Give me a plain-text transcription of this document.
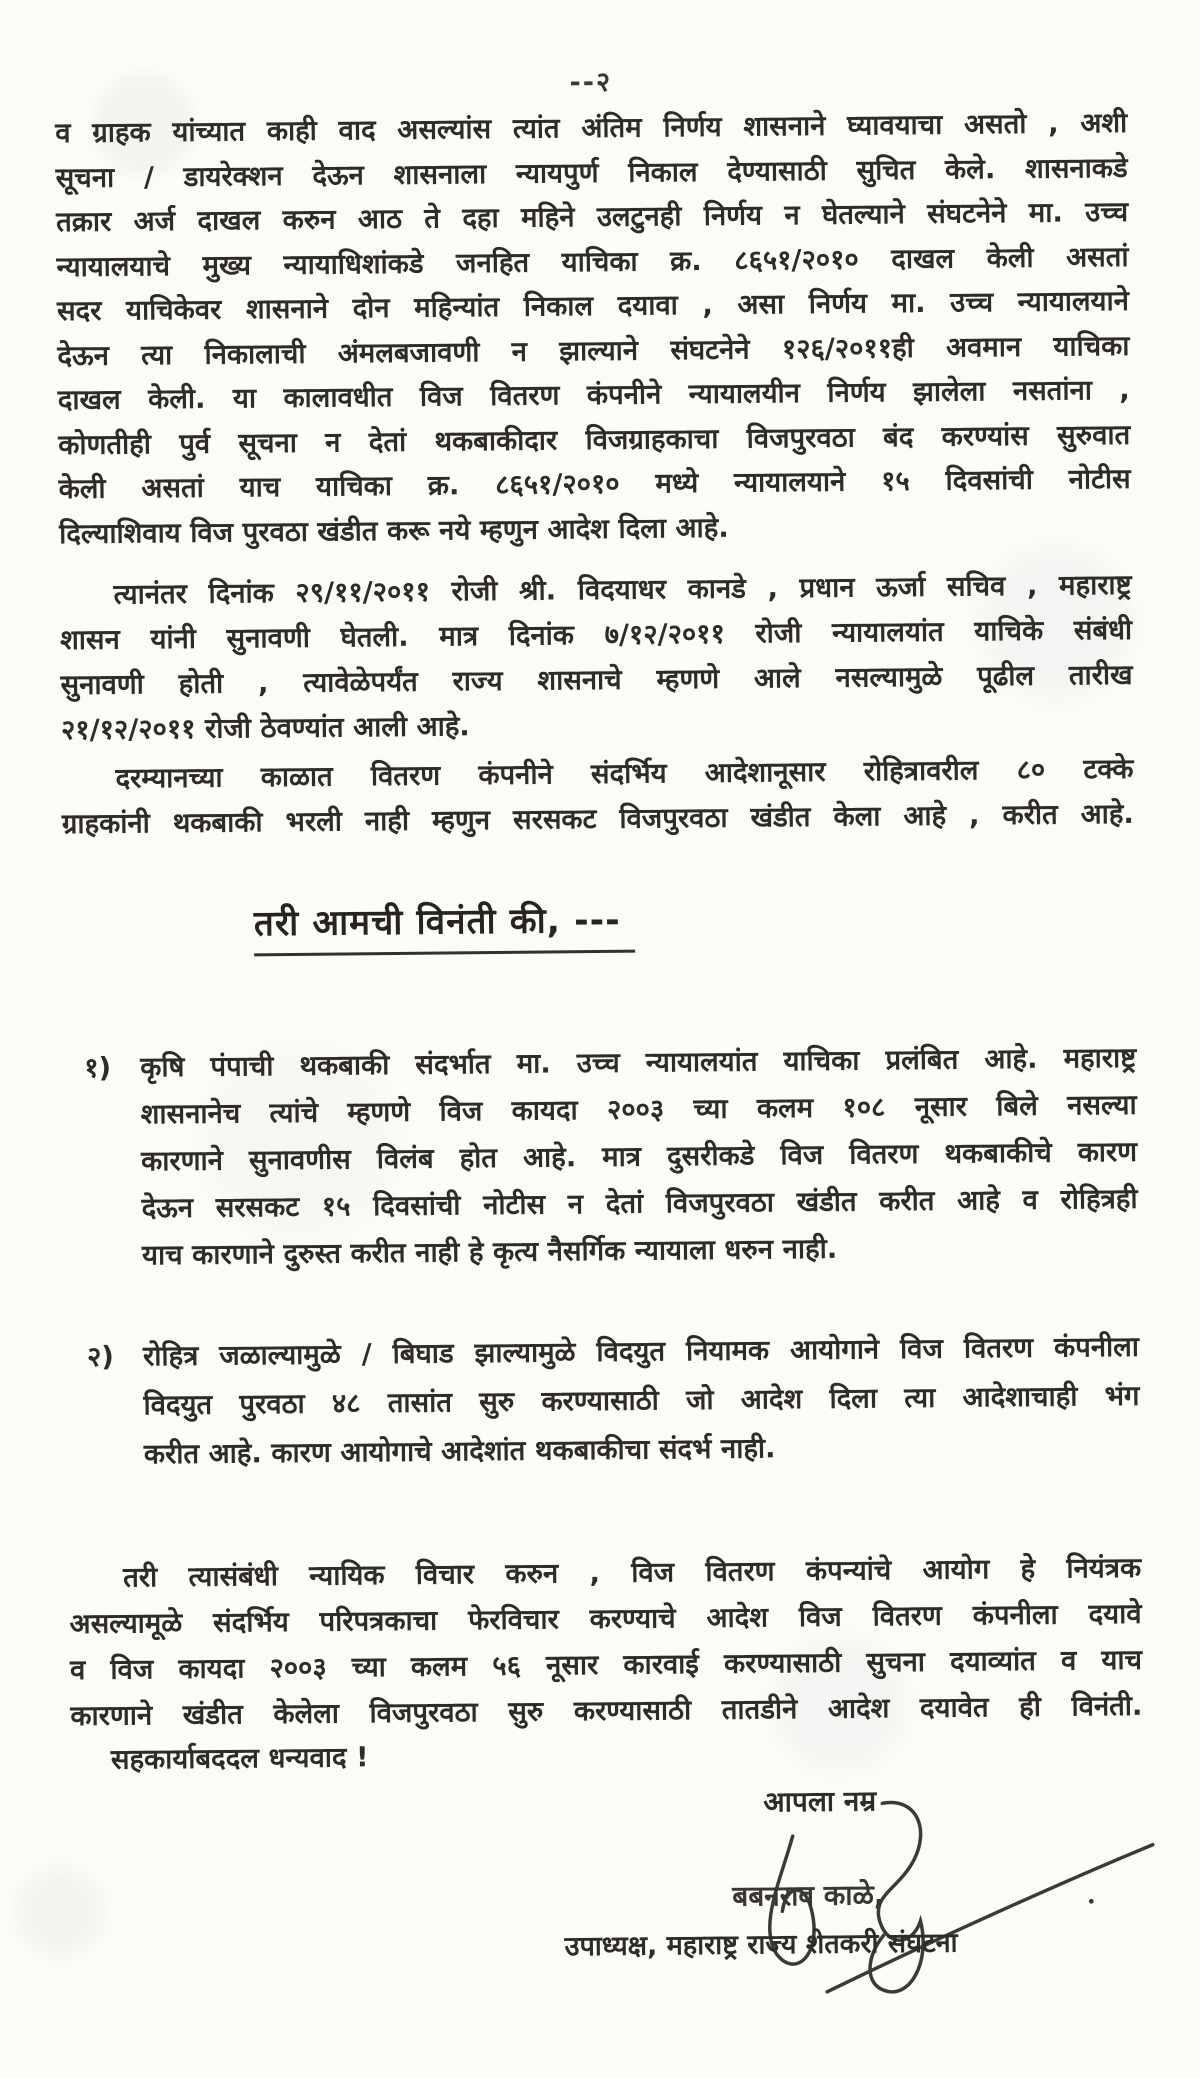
--२
व ग्राहक यांच्यात काही वाद असल्यांस त्यांत अंतिम निर्णय शासनाने घ्यावयाचा असतो , अशी
सूचना / डायरेक्शन देऊन शासनाला न्यायपुर्ण निकाल देण्यासाठी सुचित केले. शासनाकडे
तक्रार अर्ज दाखल करुन आठ ते दहा महिने उलटुनही निर्णय न घेतल्याने संघटनेने मा. उच्च
न्यायालयाचे मुख्य न्यायाधिशांकडे जनहित याचिका क्र. ८६५१/२०१० दाखल केली असतां
सदर याचिकेवर शासनाने दोन महिन्यांत निकाल दयावा , असा निर्णय मा. उच्च न्यायालयाने
देऊन त्या निकालाची अंमलबजावणी न झाल्याने संघटनेने १२६/२०११ही अवमान याचिका
दाखल केली. या कालावधीत विज वितरण कंपनीने न्यायालयीन निर्णय झालेला नसतांना ,
कोणतीही पुर्व सूचना न देतां थकबाकीदार विजग्राहकाचा विजपुरवठा बंद करण्यांस सुरुवात
केली असतां याच याचिका क्र. ८६५१/२०१० मध्ये न्यायालयाने १५ दिवसांची नोटीस
दिल्याशिवाय विज पुरवठा खंडीत करू नये म्हणुन आदेश दिला आहे.
त्यानंतर दिनांक २९/११/२०११ रोजी श्री. विदयाधर कानडे , प्रधान ऊर्जा सचिव , महाराष्ट्र
शासन यांनी सुनावणी घेतली. मात्र दिनांक ७/१२/२०११ रोजी न्यायालयांत याचिके संबंधी
सुनावणी होती , त्यावेळेपर्यंत राज्य शासनाचे म्हणणे आले नसल्यामुळे पूढील तारीख
२१/१२/२०११ रोजी ठेवण्यांत आली आहे.
दरम्यानच्या काळात वितरण कंपनीने संदर्भिय आदेशानूसार रोहित्रावरील ८० टक्के
ग्राहकांनी थकबाकी भरली नाही म्हणुन सरसकट विजपुरवठा खंडीत केला आहे , करीत आहे.
तरी आमची विनंती की, ---
१) कृषि पंपाची थकबाकी संदर्भात मा. उच्च न्यायालयांत याचिका प्रलंबित आहे. महाराष्ट्र
शासनानेच त्यांचे म्हणणे विज कायदा २००३ च्या कलम १०८ नूसार बिले नसल्या
कारणाने सुनावणीस विलंब होत आहे. मात्र दुसरीकडे विज वितरण थकबाकीचे कारण
देऊन सरसकट १५ दिवसांची नोटीस न देतां विजपुरवठा खंडीत करीत आहे व रोहित्रही
याच कारणाने दुरुस्त करीत नाही हे कृत्य नैसर्गिक न्यायाला धरुन नाही.
२) रोहित्र जळाल्यामुळे / बिघाड झाल्यामुळे विदयुत नियामक आयोगाने विज वितरण कंपनीला
विदयुत पुरवठा ४८ तासांत सुरु करण्यासाठी जो आदेश दिला त्या आदेशाचाही भंग
करीत आहे. कारण आयोगाचे आदेशांत थकबाकीचा संदर्भ नाही.
तरी त्यासंबंधी न्यायिक विचार करुन , विज वितरण कंपन्यांचे आयोग हे नियंत्रक
असल्यामूळे संदर्भिय परिपत्रकाचा फेरविचार करण्याचे आदेश विज वितरण कंपनीला दयावे
व विज कायदा २००३ च्या कलम ५६ नूसार कारवाई करण्यासाठी सुचना दयाव्यांत व याच
कारणाने खंडीत केलेला विजपुरवठा सुरु करण्यासाठी तातडीने आदेश दयावेत ही विनंती.
सहकार्याबददल धन्यवाद !
आपला नम्र
बबनराव काळे,
उपाध्यक्ष, महाराष्ट्र राज्य शेतकरी संघटना
